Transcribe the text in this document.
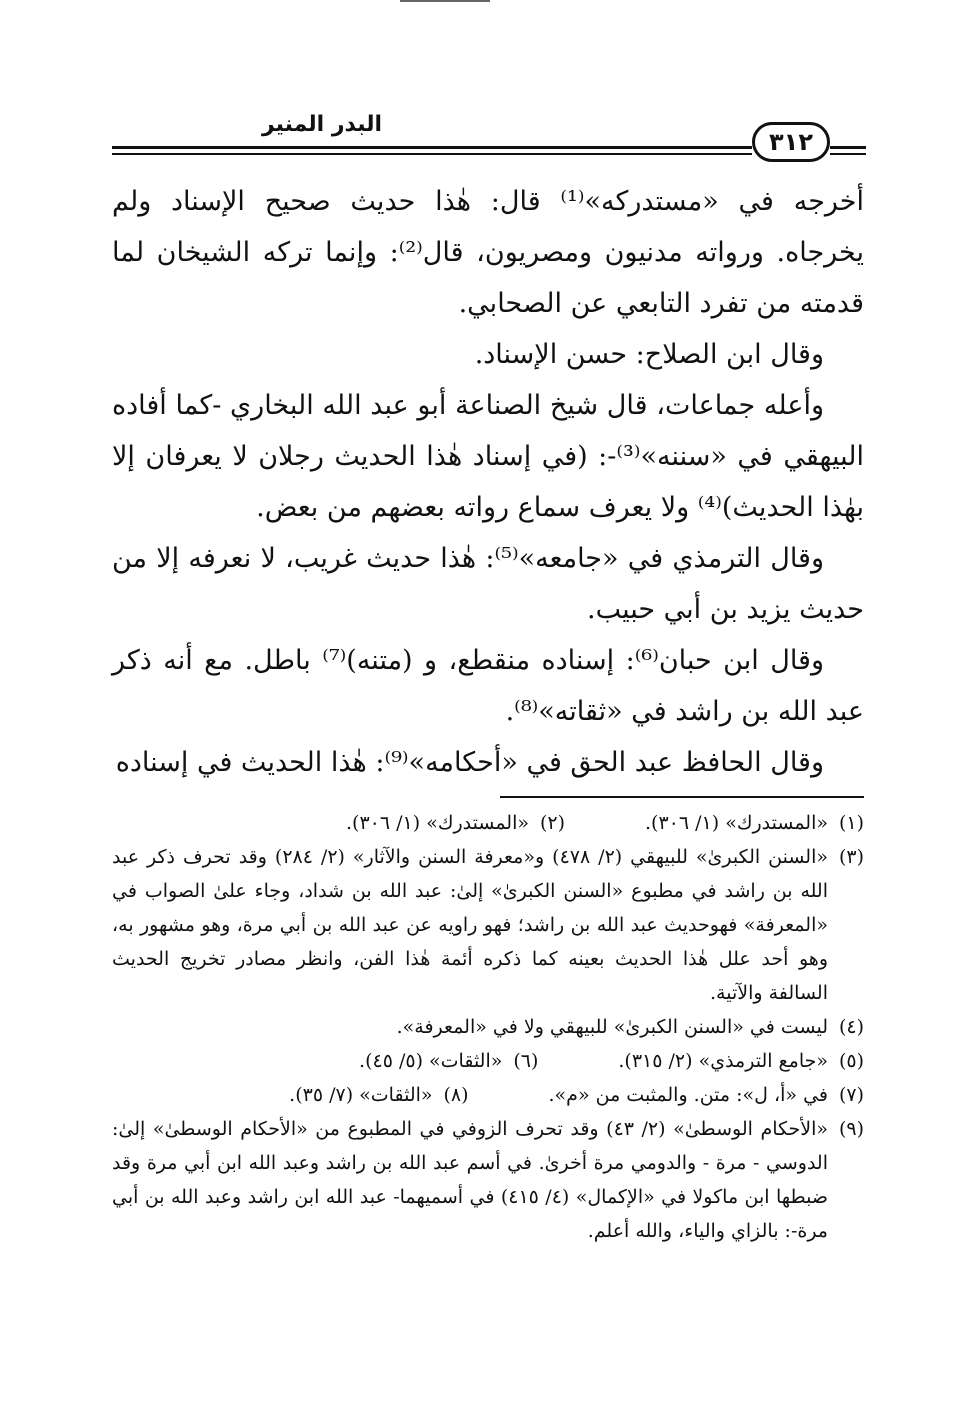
البدر المنير
٣١٢

أخرجه في «مستدركه»⁽¹⁾ قال: هٰذا حديث صحيح الإسناد ولم يخرجاه. ورواته مدنيون ومصريون، قال⁽²⁾: وإنما تركه الشيخان لما قدمته من تفرد التابعي عن الصحابي.

وقال ابن الصلاح: حسن الإسناد.

وأعله جماعات، قال شيخ الصناعة أبو عبد الله البخاري -كما أفاده البيهقي في «سننه»⁽³⁾-: (في إسناد هٰذا الحديث رجلان لا يعرفان إلا بهٰذا الحديث)⁽⁴⁾ ولا يعرف سماع رواته بعضهم من بعض.

وقال الترمذي في «جامعه»⁽⁵⁾: هٰذا حديث غريب، لا نعرفه إلا من حديث يزيد بن أبي حبيب.

وقال ابن حبان⁽⁶⁾: إسناده منقطع، و (متنه)⁽⁷⁾ باطل. مع أنه ذكر عبد الله بن راشد في «ثقاته»⁽⁸⁾.

وقال الحافظ عبد الحق في «أحكامه»⁽⁹⁾: هٰذا الحديث في إسناده

(١)
«المستدرك» (١/ ٣٠٦).

(٢)
«المستدرك» (١/ ٣٠٦).

(٣)
«السنن الكبرىٰ» للبيهقي (٢/ ٤٧٨) و«معرفة السنن والآثار» (٢/ ٢٨٤) وقد تحرف ذكر عبد الله بن راشد في مطبوع «السنن الكبرىٰ» إلىٰ: عبد الله بن شداد، وجاء علىٰ الصواب في «المعرفة» فهوحديث عبد الله بن راشد؛ فهو راويه عن عبد الله بن أبي مرة، وهو مشهور به، وهو أحد علل هٰذا الحديث بعينه كما ذكره أئمة هٰذا الفن، وانظر مصادر تخريج الحديث السالفة والآتية.

(٤)
ليست في «السنن الكبرىٰ» للبيهقي ولا في «المعرفة».

(٥)
«جامع الترمذي» (٢/ ٣١٥).

(٦)
«الثقات» (٥/ ٤٥).

(٧)
في «أ، ل»: متن. والمثبت من «م».

(٨)
«الثقات» (٧/ ٣٥).

(٩)
«الأحكام الوسطىٰ» (٢/ ٤٣) وقد تحرف الزوفي في المطبوع من «الأحكام الوسطىٰ» إلىٰ: الدوسي - مرة - والدومي مرة أخرىٰ. في أسم عبد الله بن راشد وعبد الله ابن أبي مرة وقد ضبطها ابن ماكولا في «الإكمال» (٤/ ٤١٥) في أسميهما- عبد الله ابن راشد وعبد الله بن أبي مرة-: بالزاي والياء، والله أعلم.
